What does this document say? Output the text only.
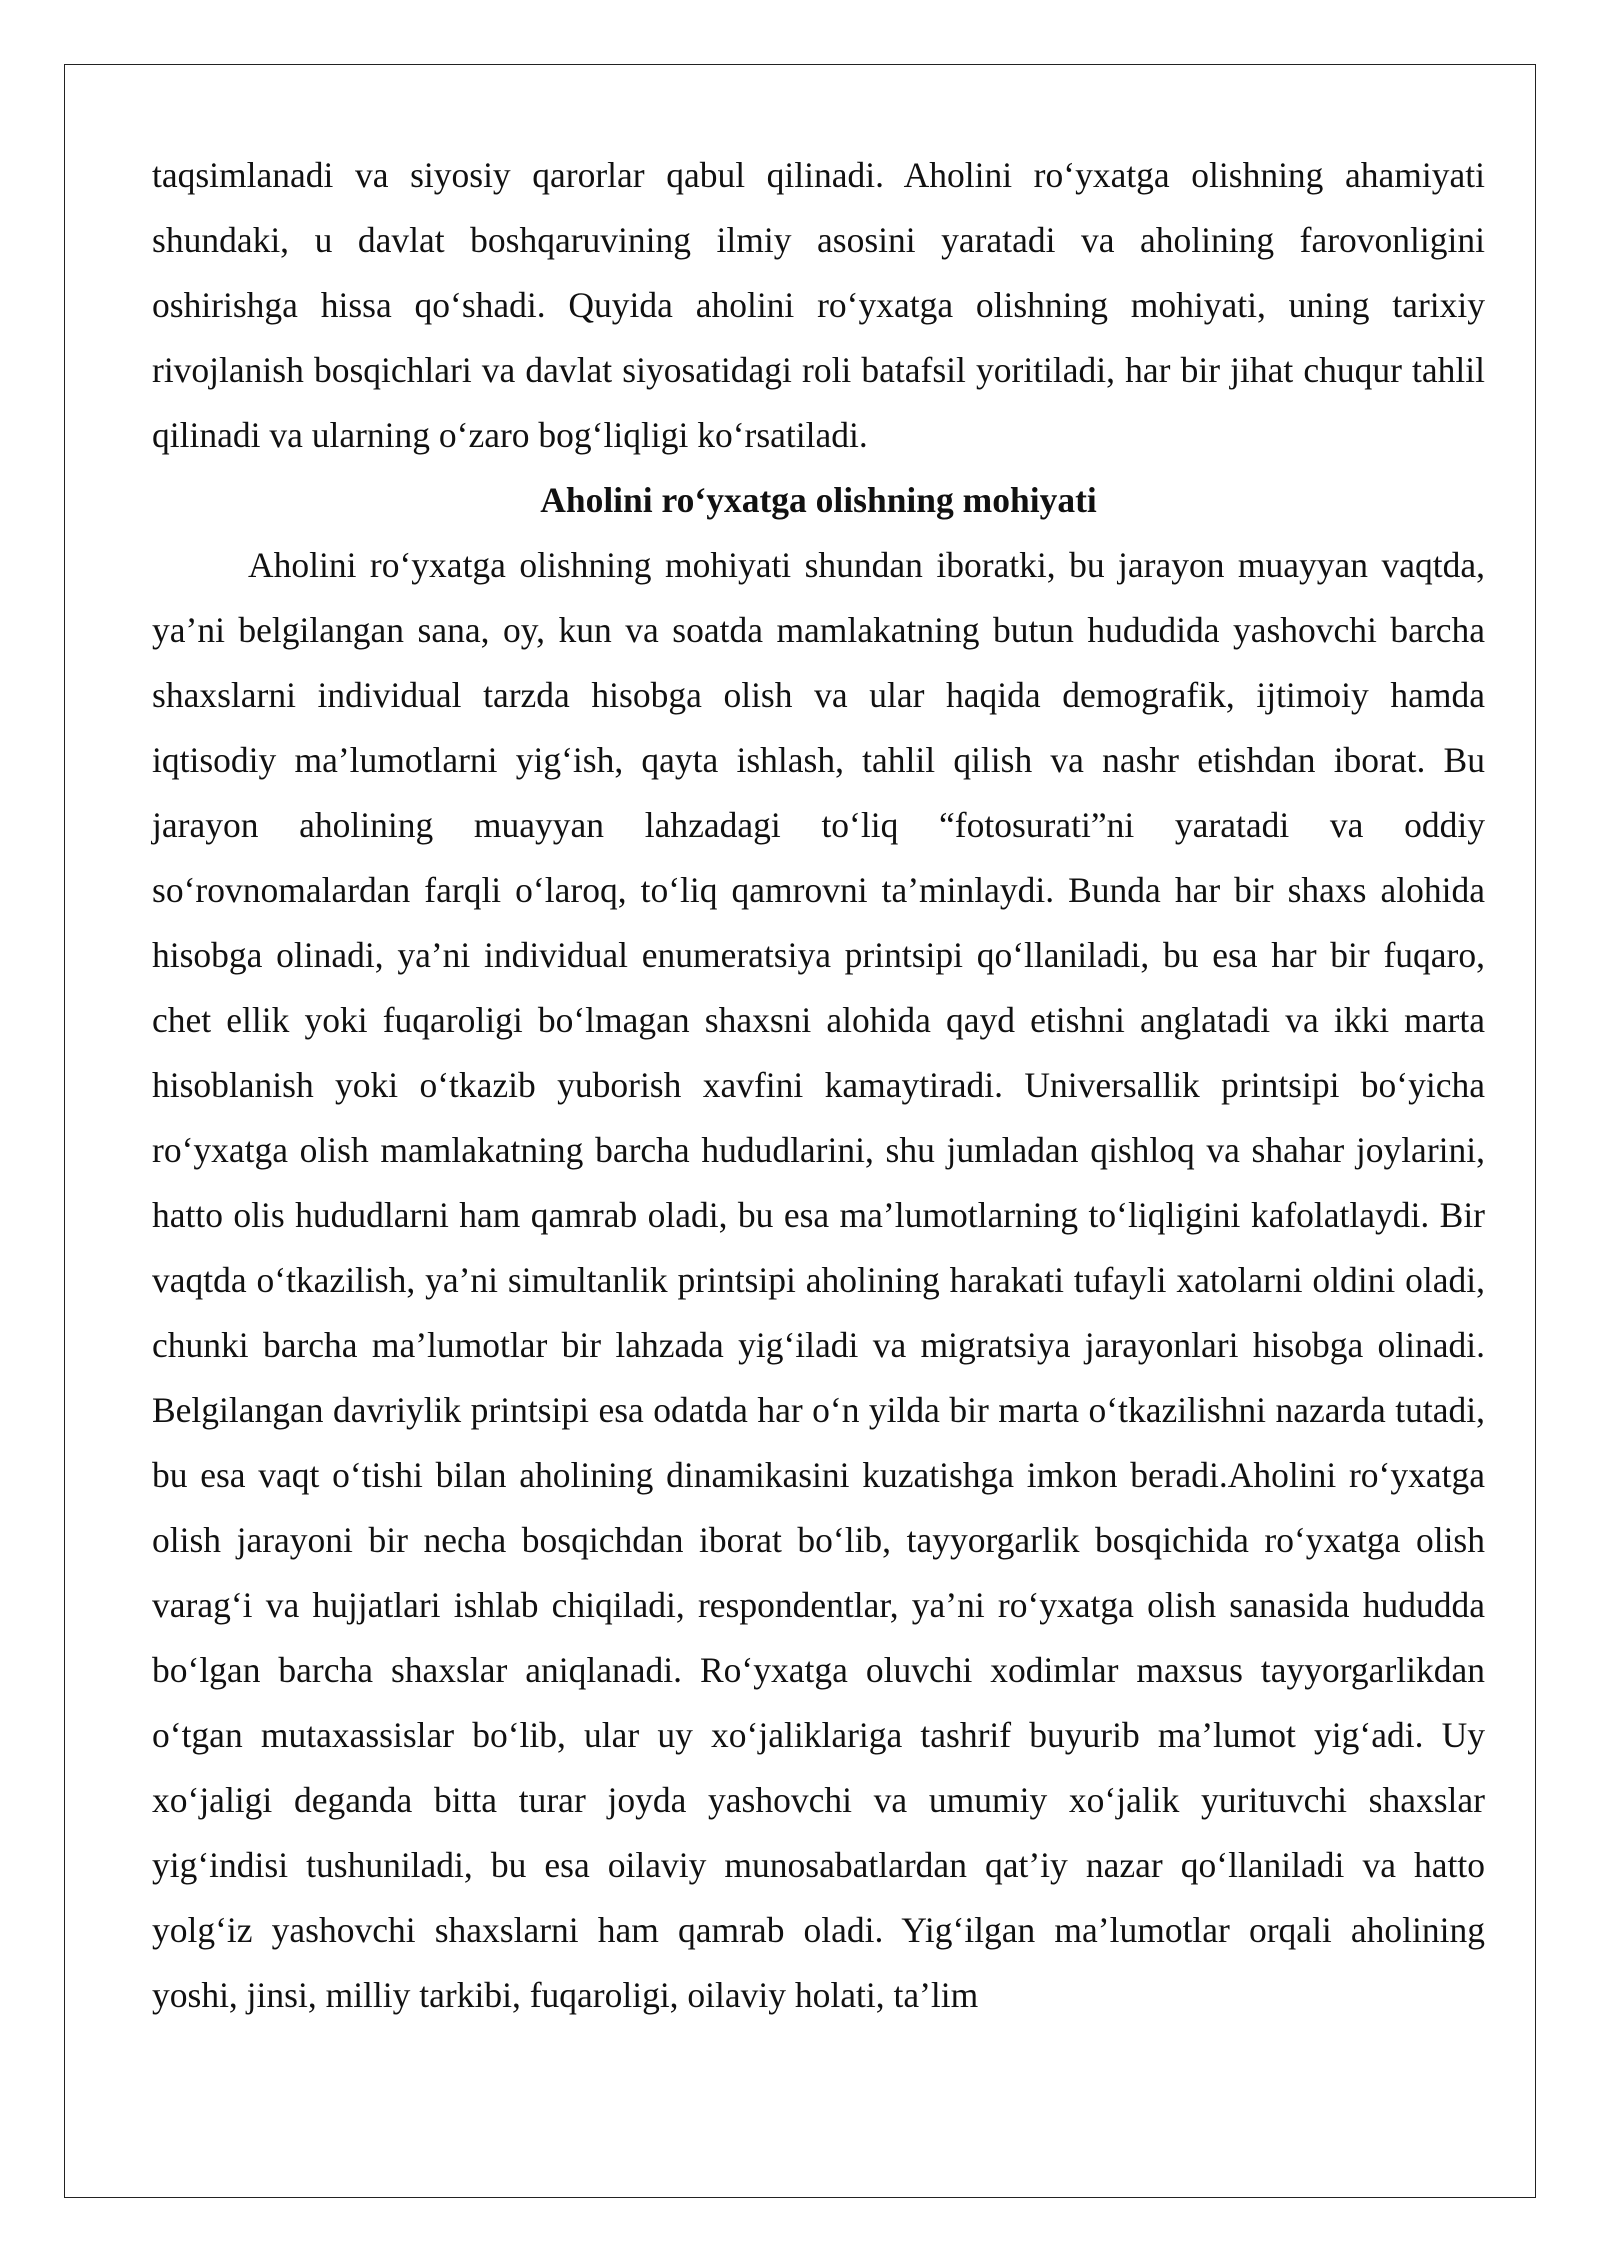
taqsimlanadi va siyosiy qarorlar qabul qilinadi. Aholini ro‘yxatga olishning ahamiyati shundaki, u davlat boshqaruvining ilmiy asosini yaratadi va aholining farovonligini oshirishga hissa qo‘shadi. Quyida aholini ro‘yxatga olishning mohiyati, uning tarixiy rivojlanish bosqichlari va davlat siyosatidagi roli batafsil yoritiladi, har bir jihat chuqur tahlil qilinadi va ularning o‘zaro bog‘liqligi ko‘rsatiladi.

Aholini ro‘yxatga olishning mohiyati

Aholini ro‘yxatga olishning mohiyati shundan iboratki, bu jarayon muayyan vaqtda, ya’ni belgilangan sana, oy, kun va soatda mamlakatning butun hududida yashovchi barcha shaxslarni individual tarzda hisobga olish va ular haqida demografik, ijtimoiy hamda iqtisodiy ma’lumotlarni yig‘ish, qayta ishlash, tahlil qilish va nashr etishdan iborat. Bu jarayon aholining muayyan lahzadagi to‘liq “fotosurati”ni yaratadi va oddiy so‘rovnomalardan farqli o‘laroq, to‘liq qamrovni ta’minlaydi. Bunda har bir shaxs alohida hisobga olinadi, ya’ni individual enumeratsiya printsipi qo‘llaniladi, bu esa har bir fuqaro, chet ellik yoki fuqaroligi bo‘lmagan shaxsni alohida qayd etishni anglatadi va ikki marta hisoblanish yoki o‘tkazib yuborish xavfini kamaytiradi. Universallik printsipi bo‘yicha ro‘yxatga olish mamlakatning barcha hududlarini, shu jumladan qishloq va shahar joylarini, hatto olis hududlarni ham qamrab oladi, bu esa ma’lumotlarning to‘liqligini kafolatlaydi. Bir vaqtda o‘tkazilish, ya’ni simultanlik printsipi aholining harakati tufayli xatolarni oldini oladi, chunki barcha ma’lumotlar bir lahzada yig‘iladi va migratsiya jarayonlari hisobga olinadi. Belgilangan davriylik printsipi esa odatda har o‘n yilda bir marta o‘tkazilishni nazarda tutadi, bu esa vaqt o‘tishi bilan aholining dinamikasini kuzatishga imkon beradi.Aholini ro‘yxatga olish jarayoni bir necha bosqichdan iborat bo‘lib, tayyorgarlik bosqichida ro‘yxatga olish varag‘i va hujjatlari ishlab chiqiladi, respondentlar, ya’ni ro‘yxatga olish sanasida hududda bo‘lgan barcha shaxslar aniqlanadi. Ro‘yxatga oluvchi xodimlar maxsus tayyorgarlikdan o‘tgan mutaxassislar bo‘lib, ular uy xo‘jaliklariga tashrif buyurib ma’lumot yig‘adi. Uy xo‘jaligi deganda bitta turar joyda yashovchi va umumiy xo‘jalik yurituvchi shaxslar yig‘indisi tushuniladi, bu esa oilaviy munosabatlardan qat’iy nazar qo‘llaniladi va hatto yolg‘iz yashovchi shaxslarni ham qamrab oladi. Yig‘ilgan ma’lumotlar orqali aholining yoshi, jinsi, milliy tarkibi, fuqaroligi, oilaviy holati, ta’lim
